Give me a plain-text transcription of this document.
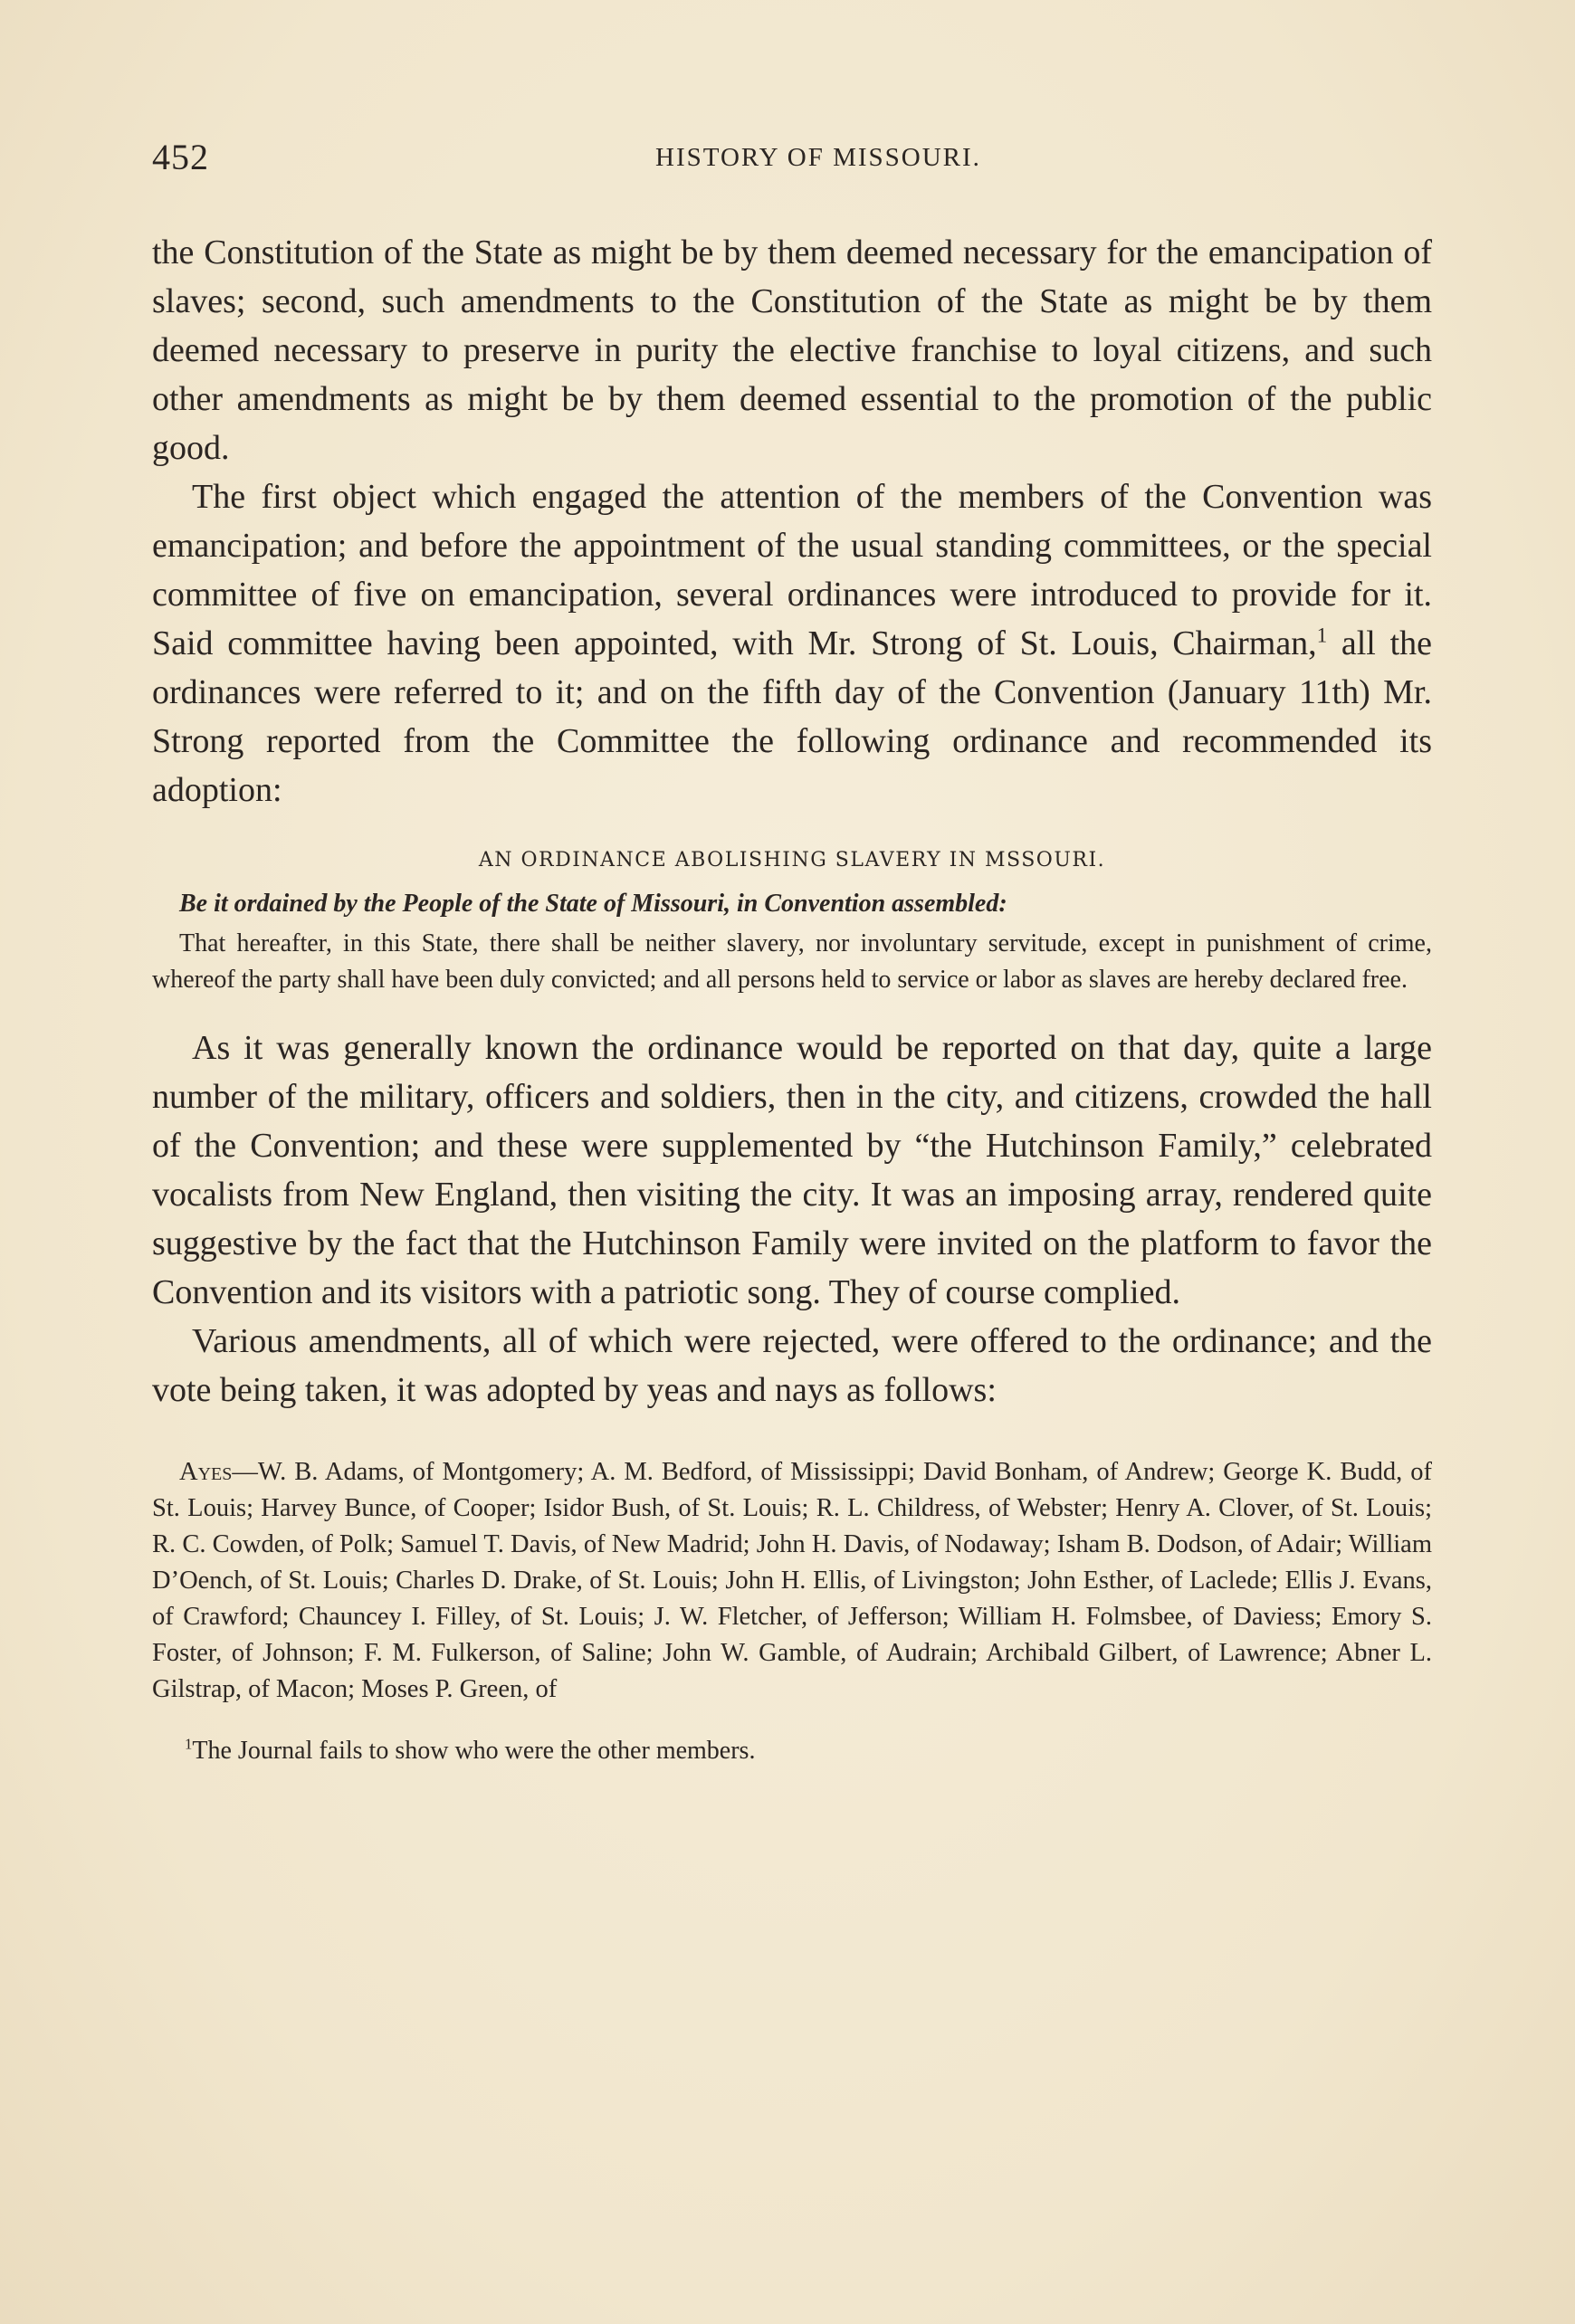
452	HISTORY OF MISSOURI.

the Constitution of the State as might be by them deemed necessary for the emancipation of slaves; second, such amendments to the Constitution of the State as might be by them deemed necessary to preserve in purity the elective franchise to loyal citizens, and such other amendments as might be by them deemed essential to the promotion of the public good.

The first object which engaged the attention of the members of the Convention was emancipation; and before the appointment of the usual standing committees, or the special committee of five on emancipation, several ordinances were introduced to provide for it. Said committee having been appointed, with Mr. Strong of St. Louis, Chairman,$^1$ all the ordinances were referred to it; and on the fifth day of the Convention (January 11th) Mr. Strong reported from the Committee the following ordinance and recommended its adoption:

AN ORDINANCE ABOLISHING SLAVERY IN MSSOURI.
Be it ordained by the People of the State of Missouri, in Convention assembled:

That hereafter, in this State, there shall be neither slavery, nor involuntary servitude, except in punishment of crime, whereof the party shall have been duly convicted; and all persons held to service or labor as slaves are hereby declared free.

As it was generally known the ordinance would be reported on that day, quite a large number of the military, officers and soldiers, then in the city, and citizens, crowded the hall of the Convention; and these were supplemented by “the Hutchinson Family,” celebrated vocalists from New England, then visiting the city. It was an imposing array, rendered quite suggestive by the fact that the Hutchinson Family were invited on the platform to favor the Convention and its visitors with a patriotic song. They of course complied.

Various amendments, all of which were rejected, were offered to the ordinance; and the vote being taken, it was adopted by yeas and nays as follows:

Ayes—W. B. Adams, of Montgomery; A. M. Bedford, of Mississippi; David Bonham, of Andrew; George K. Budd, of St. Louis; Harvey Bunce, of Cooper; Isidor Bush, of St. Louis; R. L. Childress, of Webster; Henry A. Clover, of St. Louis; R. C. Cowden, of Polk; Samuel T. Davis, of New Madrid; John H. Davis, of Nodaway; Isham B. Dodson, of Adair; William D’Oench, of St. Louis; Charles D. Drake, of St. Louis; John H. Ellis, of Livingston; John Esther, of Laclede; Ellis J. Evans, of Crawford; Chauncey I. Filley, of St. Louis; J. W. Fletcher, of Jefferson; William H. Folmsbee, of Daviess; Emory S. Foster, of Johnson; F. M. Fulkerson, of Saline; John W. Gamble, of Audrain; Archibald Gilbert, of Lawrence; Abner L. Gilstrap, of Macon; Moses P. Green, of
$^1$The Journal fails to show who were the other members.
